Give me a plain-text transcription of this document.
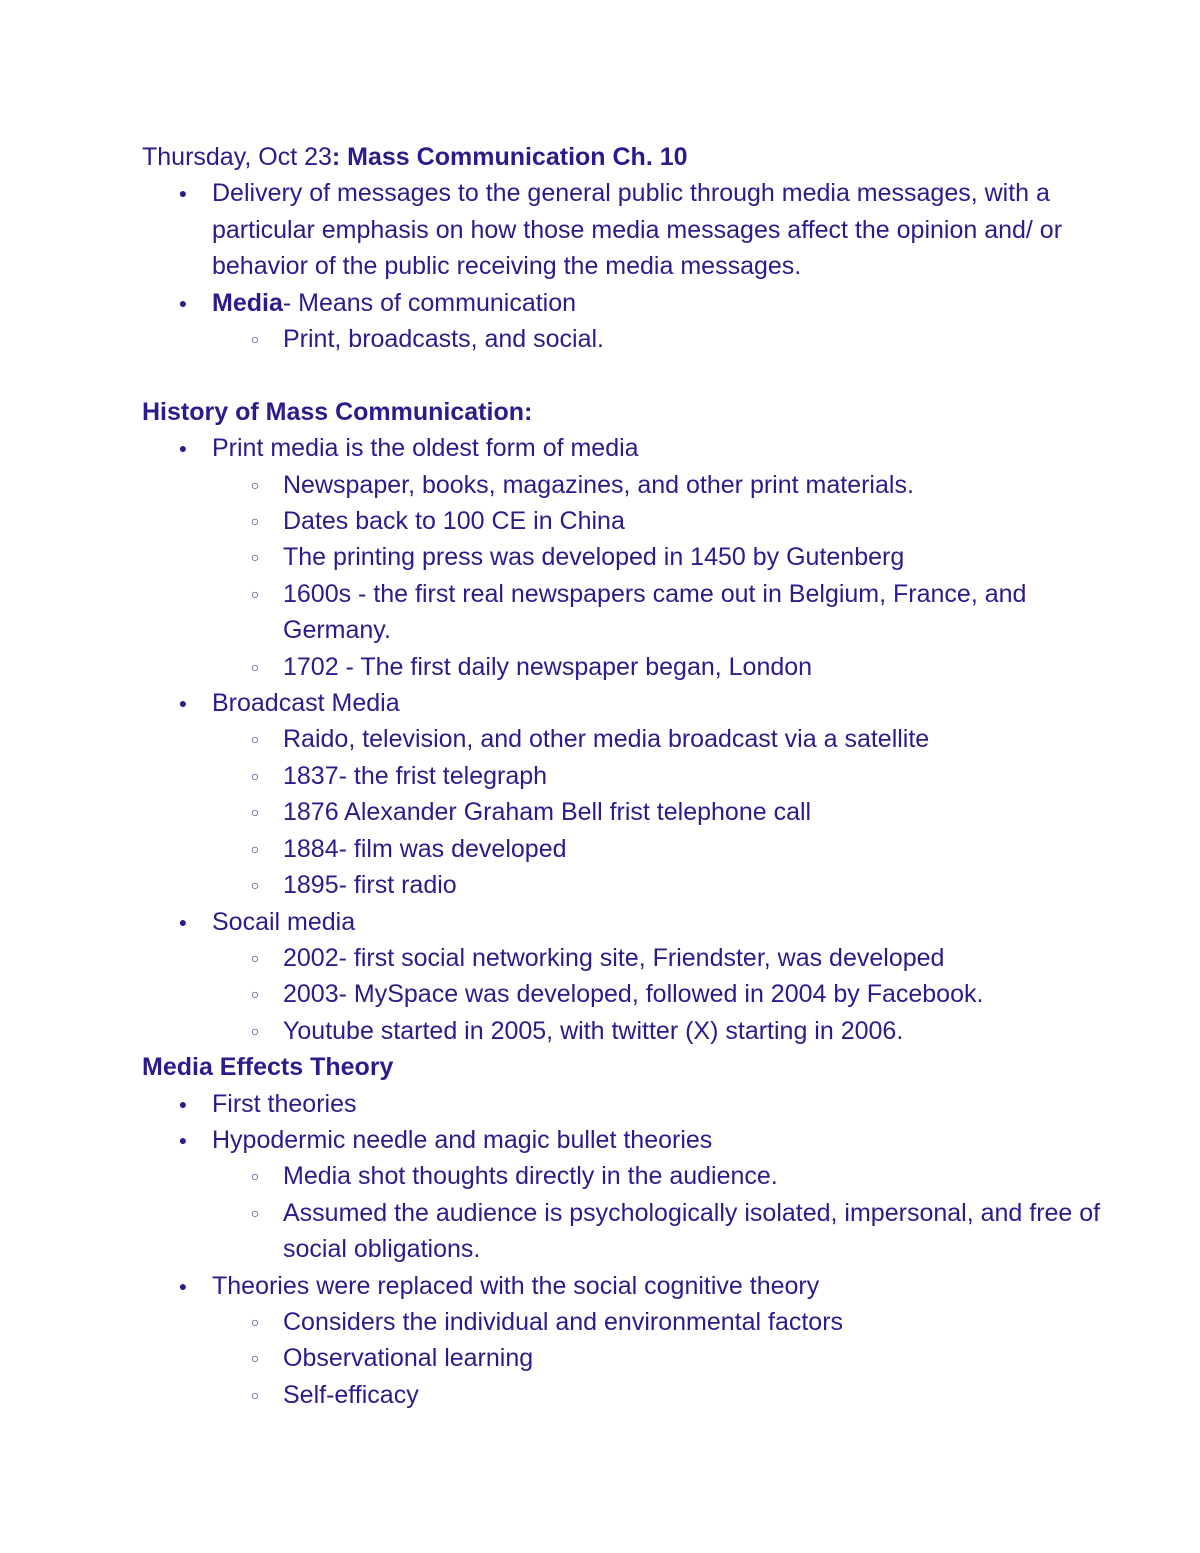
Thursday, Oct 23: Mass Communication Ch. 10

● Delivery of messages to the general public through media messages, with a particular emphasis on how those media messages affect the opinion and/ or behavior of the public receiving the media messages.
● Media- Means of communication
○ Print, broadcasts, and social.

History of Mass Communication:

● Print media is the oldest form of media
○ Newspaper, books, magazines, and other print materials.
○ Dates back to 100 CE in China
○ The printing press was developed in 1450 by Gutenberg
○ 1600s - the first real newspapers came out in Belgium, France, and Germany.
○ 1702 - The first daily newspaper began, London
● Broadcast Media
○ Raido, television, and other media broadcast via a satellite
○ 1837- the frist telegraph
○ 1876 Alexander Graham Bell frist telephone call
○ 1884- film was developed
○ 1895- first radio
● Socail media
○ 2002- first social networking site, Friendster, was developed
○ 2003- MySpace was developed, followed in 2004 by Facebook.
○ Youtube started in 2005, with twitter (X) starting in 2006.

Media Effects Theory

● First theories
● Hypodermic needle and magic bullet theories
○ Media shot thoughts directly in the audience.
○ Assumed the audience is psychologically isolated, impersonal, and free of social obligations.
● Theories were replaced with the social cognitive theory
○ Considers the individual and environmental factors
○ Observational learning
○ Self-efficacy
